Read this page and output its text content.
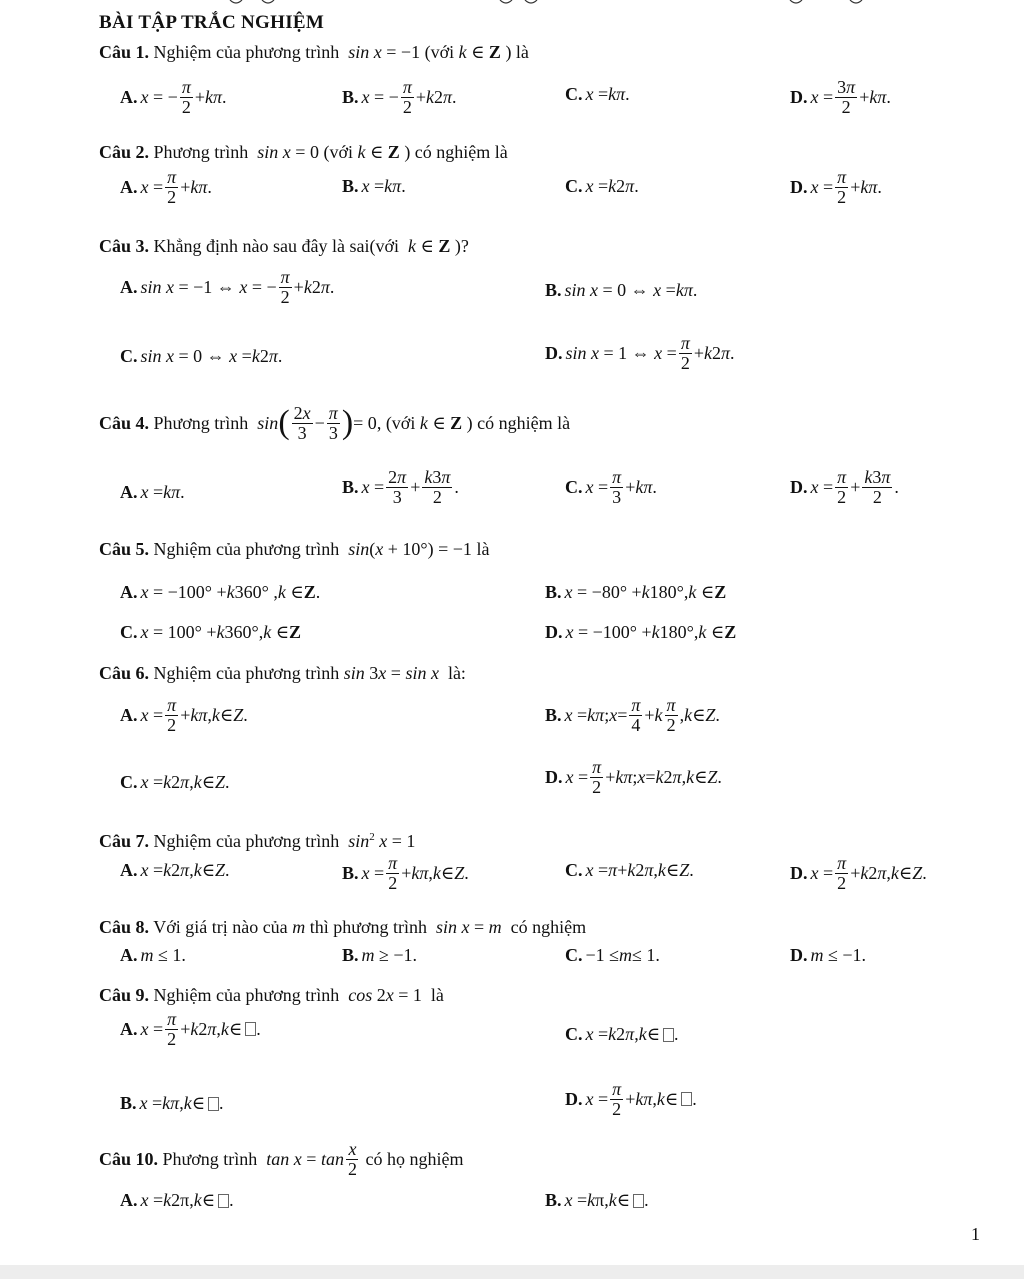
BÀI TẬP TRẮC NGHIỆM
Câu 1. Nghiệm của phương trình sin x = −1 (với k ∈ Z ) là
A. x = − $\frac{\pi}{2} + k$ π .	B. x = − $\frac{\pi}{2} + k$ 2 π .	C. x = kπ .	D. $x = \frac{3\pi}{2} + k\pi$ .
Câu 2. Phương trình sin x = 0 (với k ∈ Z ) có nghiệm là
A. $x = \frac{\pi}{2} + k\pi$ .	B. x = kπ .	C. x = k 2 π .	D. $x = \frac{\pi}{2} + k\pi$ .
Câu 3. Khẳng định nào sau đây là sai(với k ∈ Z )?
A. sin x = −1 ⇔ x = − $\frac{\pi}{2} + k$ 2 π .	B. sin x = 0 ⇔ x = kπ .
C. sin x = 0 ⇔ x = k 2 π .	D. sin x = 1 ⇔ $x = \frac{\pi}{2} + k$ 2 π .
Câu 4.
Phương trình
sin ( $\frac{2x}{3} - \frac{\pi}{3}$ ) = 0 , (với
k ∈ Z
) có nghiệm là
A. x = kπ .	B. $x = \frac{2\pi}{3} + \frac{k3\pi}{2}$ .	C. $x = \frac{\pi}{3} + k\pi$ .	D. $x = \frac{\pi}{2} + \frac{k3\pi}{2}$ .
Câu 5. Nghiệm của phương trình sin(x + 10°) = −1 là
A. x = −100° + k 360° , k ∈ Z .	B. x = −80° + k 180°, k ∈ Z
C. x = 100° + k 360°, k ∈ Z	D. x = −100° + k 180°, k ∈ Z
Câu 6. Nghiệm của phương trình sin 3x = sin x là:
A. $x = \frac{\pi}{2} + k\pi$ , k ∈ Z .	B. x = kπ ; $x = \frac{\pi}{4} + k \frac{\pi}{2}$ , k ∈ Z .
C. x = k 2 π , k ∈ Z .	D. $x = \frac{\pi}{2} + k\pi$ ; x = k 2 π , k ∈ Z .
Câu 7. Nghiệm của phương trình $\sin^2 x = 1$
A. x = k 2 π , k ∈ Z .	B. $x = \frac{\pi}{2} + k\pi$ , k ∈ Z .	C. x = π + k 2 π , k ∈ Z .	D. $x = \frac{\pi}{2} + k$ 2 π , k ∈ Z .
Câu 8. Với giá trị nào của m thì phương trình sin x = m có nghiệm
A. m ≤ 1.	B. m ≥ −1.	C. −1 ≤ m ≤ 1.	D. m ≤ −1.
Câu 9. Nghiệm của phương trình cos 2x = 1  là
A. $x = \frac{\pi}{2} + k$ 2 π , k ∈ .	C. x = k 2 π , k ∈ .
B. x = kπ , k ∈ .	D. $x = \frac{\pi}{2} + k\pi$ , k ∈ .
Câu 10.
Phương trình
$\tan x = \tan \frac{x}{2}$
có họ nghiệm
A. x = k 2π, k ∈ .	B. x = k π, k ∈ .
1
